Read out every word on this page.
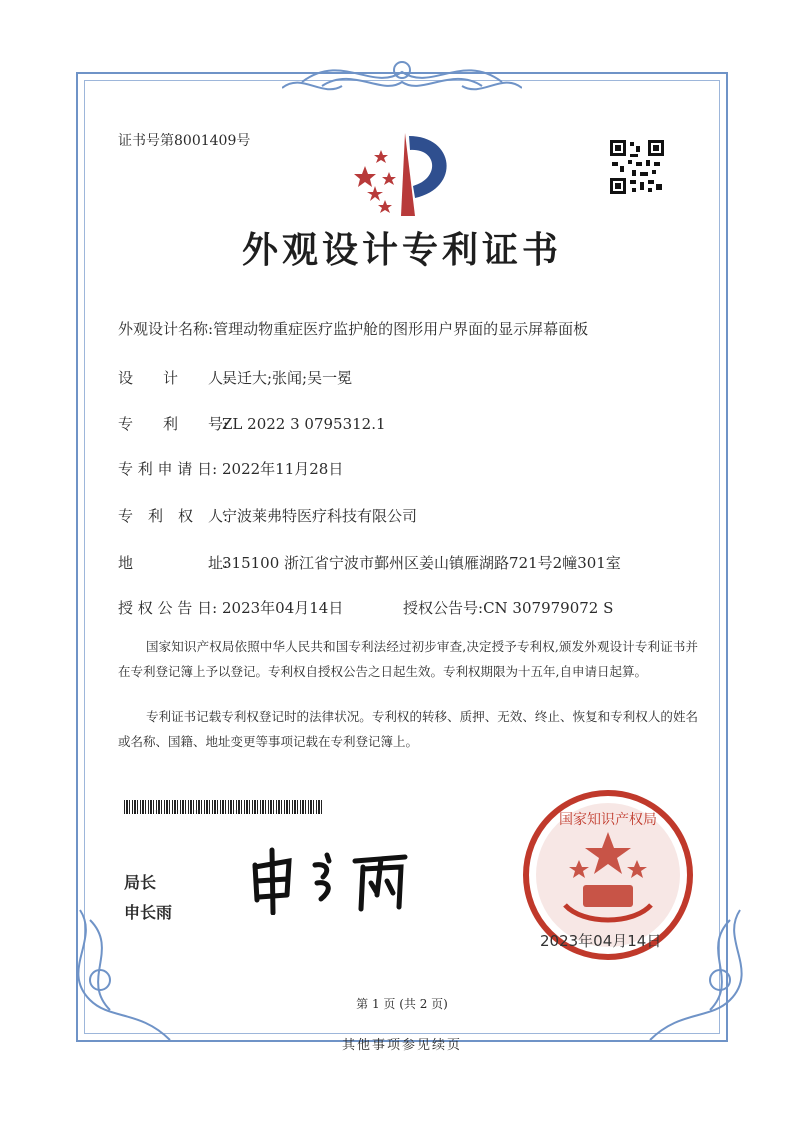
证书号第8001409号
外观设计专利证书
外观设计名称:管理动物重症医疗监护舱的图形用户界面的显示屏幕面板
设　　计　　人:吴迁大;张闻;吴一冕
专　　利　　号:ZL 2022 3 0795312.1
专 利 申 请 日: 2022年11月28日
专　利　权　人:宁波莱弗特医疗科技有限公司
地　　　　　址:315100 浙江省宁波市鄞州区姜山镇雁湖路721号2幢301室
授 权 公 告 日: 2023年04月14日	授权公告号:CN 307979072 S
国家知识产权局依照中华人民共和国专利法经过初步审查,决定授予专利权,颁发外观设计专利证书并在专利登记簿上予以登记。专利权自授权公告之日起生效。专利权期限为十五年,自申请日起算。
专利证书记载专利权登记时的法律状况。专利权的转移、质押、无效、终止、恢复和专利权人的姓名或名称、国籍、地址变更等事项记载在专利登记簿上。
局长
申长雨
国家知识产权局
2023年04月14日
第 1 页 (共 2 页)
其他事项参见续页
